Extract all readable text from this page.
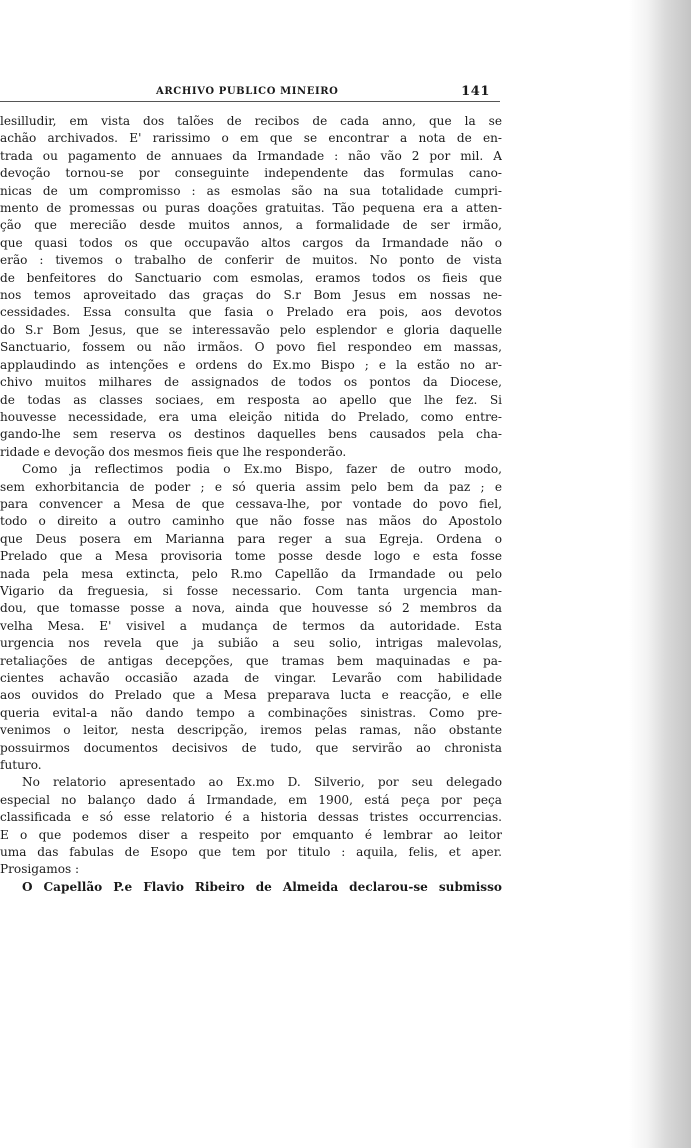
ARCHIVO PUBLICO MINEIRO	141
lesilludir, em vista dos talões de recibos de cada anno, que la se
achão archivados. E' rarissimo o em que se encontrar a nota de en-
trada ou pagamento de annuaes da Irmandade : não vão 2 por mil. A
devoção tornou-se por conseguinte independente das formulas cano-
nicas de um compromisso : as esmolas são na sua totalidade cumpri-
mento de promessas ou puras doações gratuitas. Tão pequena era a atten-
ção que merecião desde muitos annos, a formalidade de ser irmão,
que quasi todos os que occupavão altos cargos da Irmandade não o
erão : tivemos o trabalho de conferir de muitos. No ponto de vista
de benfeitores do Sanctuario com esmolas, eramos todos os fieis que
nos temos aproveitado das graças do S.r Bom Jesus em nossas ne-
cessidades. Essa consulta que fasia o Prelado era pois, aos devotos
do S.r Bom Jesus, que se interessavão pelo esplendor e gloria daquelle
Sanctuario, fossem ou não irmãos. O povo fiel respondeo em massas,
applaudindo as intenções e ordens do Ex.mo Bispo ; e la estão no ar-
chivo muitos milhares de assignados de todos os pontos da Diocese,
de todas as classes sociaes, em resposta ao apello que lhe fez. Si
houvesse necessidade, era uma eleição nitida do Prelado, como entre-
gando-lhe sem reserva os destinos daquelles bens causados pela cha-
ridade e devoção dos mesmos fieis que lhe responderão.
Como ja reflectimos podia o Ex.mo Bispo, fazer de outro modo,
sem exhorbitancia de poder ; e só queria assim pelo bem da paz ; e
para convencer a Mesa de que cessava-lhe, por vontade do povo fiel,
todo o direito a outro caminho que não fosse nas mãos do Apostolo
que Deus posera em Marianna para reger a sua Egreja. Ordena o
Prelado que a Mesa provisoria tome posse desde logo e esta fosse
nada pela mesa extincta, pelo R.mo Capellão da Irmandade ou pelo
Vigario da freguesia, si fosse necessario. Com tanta urgencia man-
dou, que tomasse posse a nova, ainda que houvesse só 2 membros da
velha Mesa. E' visivel a mudança de termos da autoridade. Esta
urgencia nos revela que ja subião a seu solio, intrigas malevolas,
retaliações de antigas decepções, que tramas bem maquinadas e pa-
cientes achavão occasião azada de vingar. Levarão com habilidade
aos ouvidos do Prelado que a Mesa preparava lucta e reacção, e elle
queria evital-a não dando tempo a combinações sinistras. Como pre-
venimos o leitor, nesta descripção, iremos pelas ramas, não obstante
possuirmos documentos decisivos de tudo, que servirão ao chronista
futuro.
No relatorio apresentado ao Ex.mo D. Silverio, por seu delegado
especial no balanço dado á Irmandade, em 1900, está peça por peça
classificada e só esse relatorio é a historia dessas tristes occurrencias.
E o que podemos diser a respeito por emquanto é lembrar ao leitor
uma das fabulas de Esopo que tem por titulo : aquila, felis, et aper.
Prosigamos :
O Capellão P.e Flavio Ribeiro de Almeida declarou-se submisso
